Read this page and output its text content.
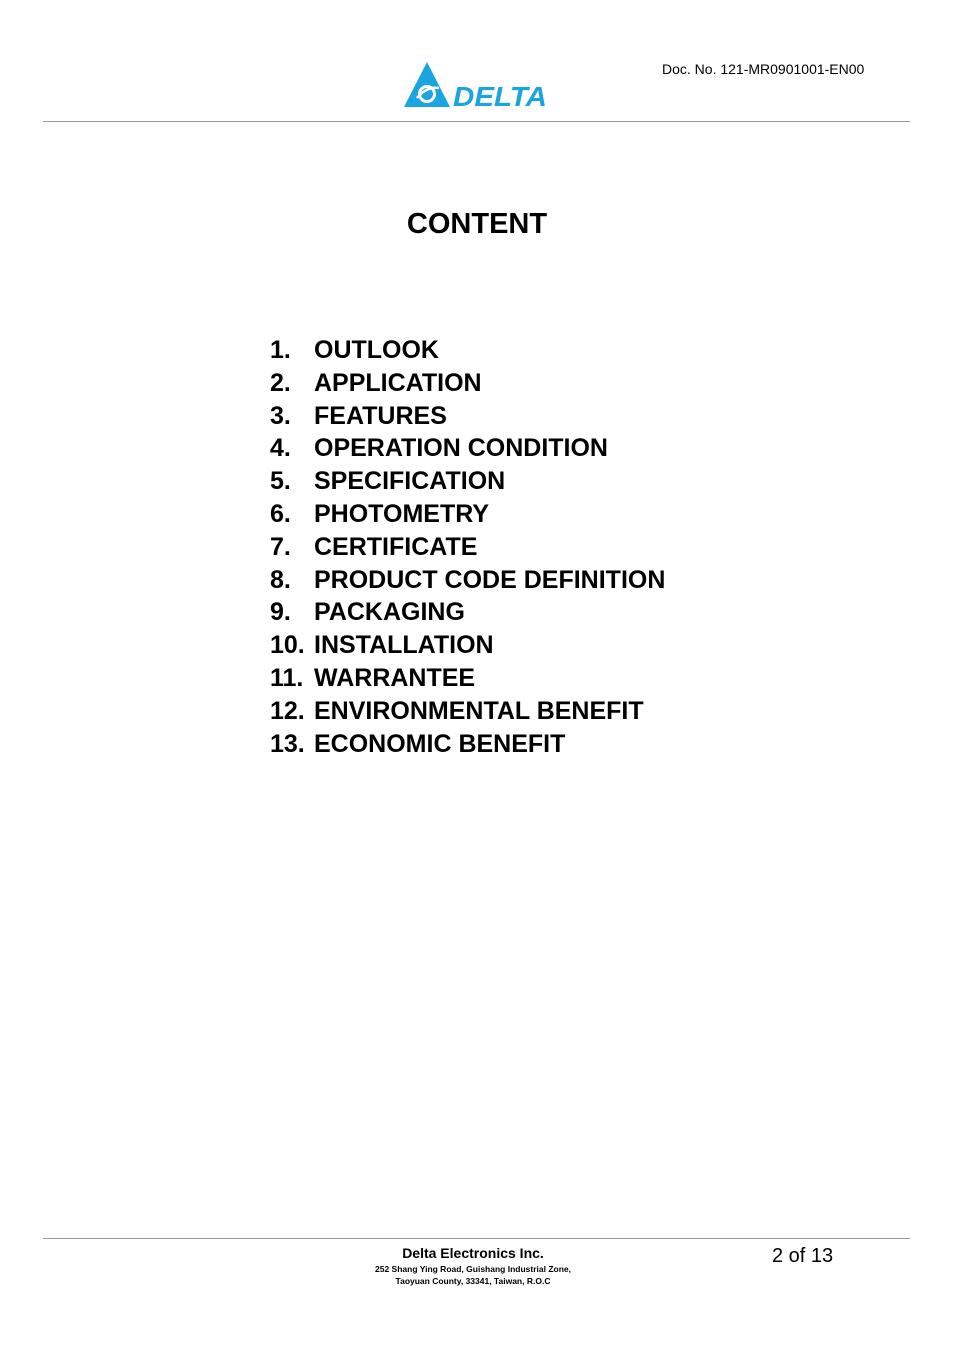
Doc. No. 121-MR0901001-EN00
DELTA
CONTENT
1. OUTLOOK
2. APPLICATION
3. FEATURES
4. OPERATION CONDITION
5. SPECIFICATION
6. PHOTOMETRY
7. CERTIFICATE
8. PRODUCT CODE DEFINITION
9. PACKAGING
10. INSTALLATION
11. WARRANTEE
12. ENVIRONMENTAL BENEFIT
13. ECONOMIC BENEFIT
Delta Electronics Inc.
252 Shang Ying Road, Guishang Industrial Zone,
Taoyuan County, 33341, Taiwan, R.O.C
2 of 13
